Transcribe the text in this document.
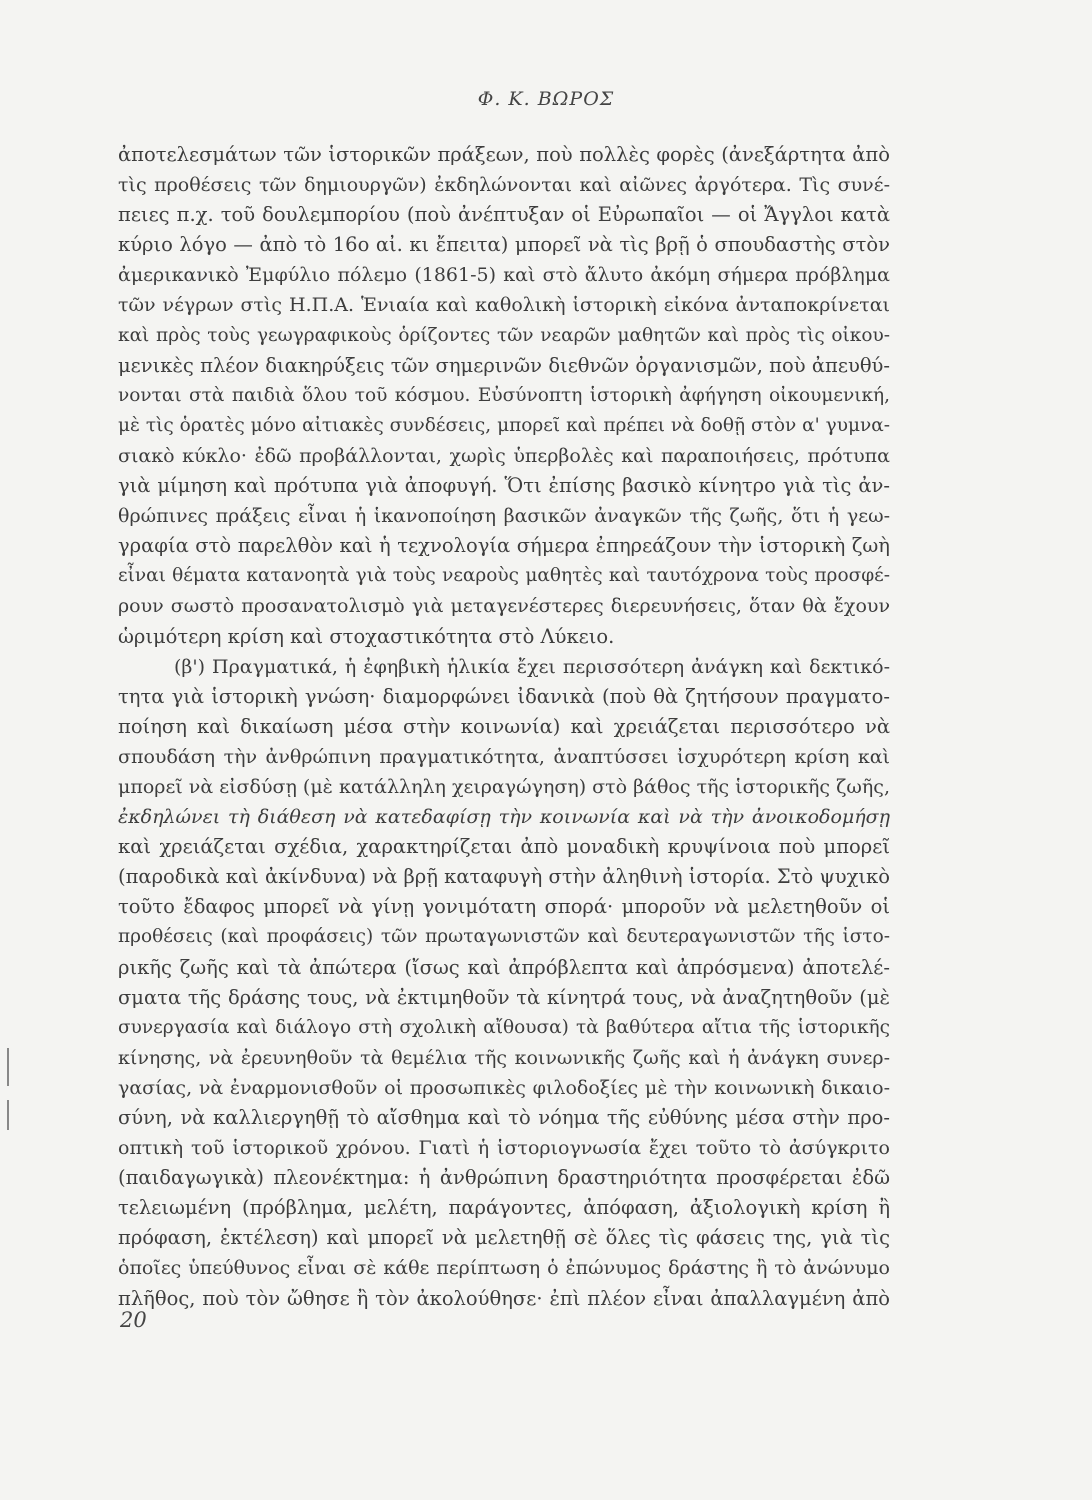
Φ. Κ. ΒΩΡΟΣ
ἀποτελεσμάτων τῶν ἱστορικῶν πράξεων, ποὺ πολλὲς φορὲς (ἀνεξάρτητα ἀπὸ
τὶς προθέσεις τῶν δημιουργῶν) ἐκδηλώνονται καὶ αἰῶνες ἀργότερα. Τὶς συνέ-
πειες π.χ. τοῦ δουλεμπορίου (ποὺ ἀνέπτυξαν οἱ Εὐρωπαῖοι — οἱ Ἄγγλοι κατὰ
κύριο λόγο — ἀπὸ τὸ 16ο αἰ. κι ἔπειτα) μπορεῖ νὰ τὶς βρῇ ὁ σπουδαστὴς στὸν
ἀμερικανικὸ Ἐμφύλιο πόλεμο (1861-5) καὶ στὸ ἄλυτο ἀκόμη σήμερα πρόβλημα
τῶν νέγρων στὶς Η.Π.Α. Ἑνιαία καὶ καθολικὴ ἱστορικὴ εἰκόνα ἀνταποκρίνεται
καὶ πρὸς τοὺς γεωγραφικοὺς ὁρίζοντες τῶν νεαρῶν μαθητῶν καὶ πρὸς τὶς οἰκου-
μενικὲς πλέον διακηρύξεις τῶν σημερινῶν διεθνῶν ὀργανισμῶν, ποὺ ἀπευθύ-
νονται στὰ παιδιὰ ὅλου τοῦ κόσμου. Εὐσύνοπτη ἱστορικὴ ἀφήγηση οἰκουμενική,
μὲ τὶς ὁρατὲς μόνο αἰτιακὲς συνδέσεις, μπορεῖ καὶ πρέπει νὰ δοθῇ στὸν α' γυμνα-
σιακὸ κύκλο· ἐδῶ προβάλλονται, χωρὶς ὑπερβολὲς καὶ παραποιήσεις, πρότυπα
γιὰ μίμηση καὶ πρότυπα γιὰ ἀποφυγή. Ὅτι ἐπίσης βασικὸ κίνητρο γιὰ τὶς ἀν-
θρώπινες πράξεις εἶναι ἡ ἱκανοποίηση βασικῶν ἀναγκῶν τῆς ζωῆς, ὅτι ἡ γεω-
γραφία στὸ παρελθὸν καὶ ἡ τεχνολογία σήμερα ἐπηρεάζουν τὴν ἱστορικὴ ζωὴ
εἶναι θέματα κατανοητὰ γιὰ τοὺς νεαροὺς μαθητὲς καὶ ταυτόχρονα τοὺς προσφέ-
ρουν σωστὸ προσανατολισμὸ γιὰ μεταγενέστερες διερευνήσεις, ὅταν θὰ ἔχουν
ὡριμότερη κρίση καὶ στοχαστικότητα στὸ Λύκειο.
(β') Πραγματικά, ἡ ἐφηβικὴ ἡλικία ἔχει περισσότερη ἀνάγκη καὶ δεκτικό-
τητα γιὰ ἱστορικὴ γνώση· διαμορφώνει ἰδανικὰ (ποὺ θὰ ζητήσουν πραγματο-
ποίηση καὶ δικαίωση μέσα στὴν κοινωνία) καὶ χρειάζεται περισσότερο νὰ
σπουδάση τὴν ἀνθρώπινη πραγματικότητα, ἀναπτύσσει ἰσχυρότερη κρίση καὶ
μπορεῖ νὰ εἰσδύσῃ (μὲ κατάλληλη χειραγώγηση) στὸ βάθος τῆς ἱστορικῆς ζωῆς,
ἐκδηλώνει τὴ διάθεση νὰ κατεδαφίσῃ τὴν κοινωνία καὶ νὰ τὴν ἀνοικοδομήσῃ
καὶ χρειάζεται σχέδια, χαρακτηρίζεται ἀπὸ μοναδικὴ κρυψίνοια ποὺ μπορεῖ
(παροδικὰ καὶ ἀκίνδυνα) νὰ βρῇ καταφυγὴ στὴν ἀληθινὴ ἱστορία. Στὸ ψυχικὸ
τοῦτο ἔδαφος μπορεῖ νὰ γίνῃ γονιμότατη σπορά· μποροῦν νὰ μελετηθοῦν οἱ
προθέσεις (καὶ προφάσεις) τῶν πρωταγωνιστῶν καὶ δευτεραγωνιστῶν τῆς ἱστο-
ρικῆς ζωῆς καὶ τὰ ἀπώτερα (ἴσως καὶ ἀπρόβλεπτα καὶ ἀπρόσμενα) ἀποτελέ-
σματα τῆς δράσης τους, νὰ ἐκτιμηθοῦν τὰ κίνητρά τους, νὰ ἀναζητηθοῦν (μὲ
συνεργασία καὶ διάλογο στὴ σχολικὴ αἴθουσα) τὰ βαθύτερα αἴτια τῆς ἱστορικῆς
κίνησης, νὰ ἐρευνηθοῦν τὰ θεμέλια τῆς κοινωνικῆς ζωῆς καὶ ἡ ἀνάγκη συνερ-
γασίας, νὰ ἐναρμονισθοῦν οἱ προσωπικὲς φιλοδοξίες μὲ τὴν κοινωνικὴ δικαιο-
σύνη, νὰ καλλιεργηθῇ τὸ αἴσθημα καὶ τὸ νόημα τῆς εὐθύνης μέσα στὴν προ-
οπτικὴ τοῦ ἱστορικοῦ χρόνου. Γιατὶ ἡ ἱστοριογνωσία ἔχει τοῦτο τὸ ἀσύγκριτο
(παιδαγωγικὰ) πλεονέκτημα: ἡ ἀνθρώπινη δραστηριότητα προσφέρεται ἐδῶ
τελειωμένη (πρόβλημα, μελέτη, παράγοντες, ἀπόφαση, ἀξιολογικὴ κρίση ἢ
πρόφαση, ἐκτέλεση) καὶ μπορεῖ νὰ μελετηθῇ σὲ ὅλες τὶς φάσεις της, γιὰ τὶς
ὁποῖες ὑπεύθυνος εἶναι σὲ κάθε περίπτωση ὁ ἐπώνυμος δράστης ἢ τὸ ἀνώνυμο
πλῆθος, ποὺ τὸν ὤθησε ἢ τὸν ἀκολούθησε· ἐπὶ πλέον εἶναι ἀπαλλαγμένη ἀπὸ
20
